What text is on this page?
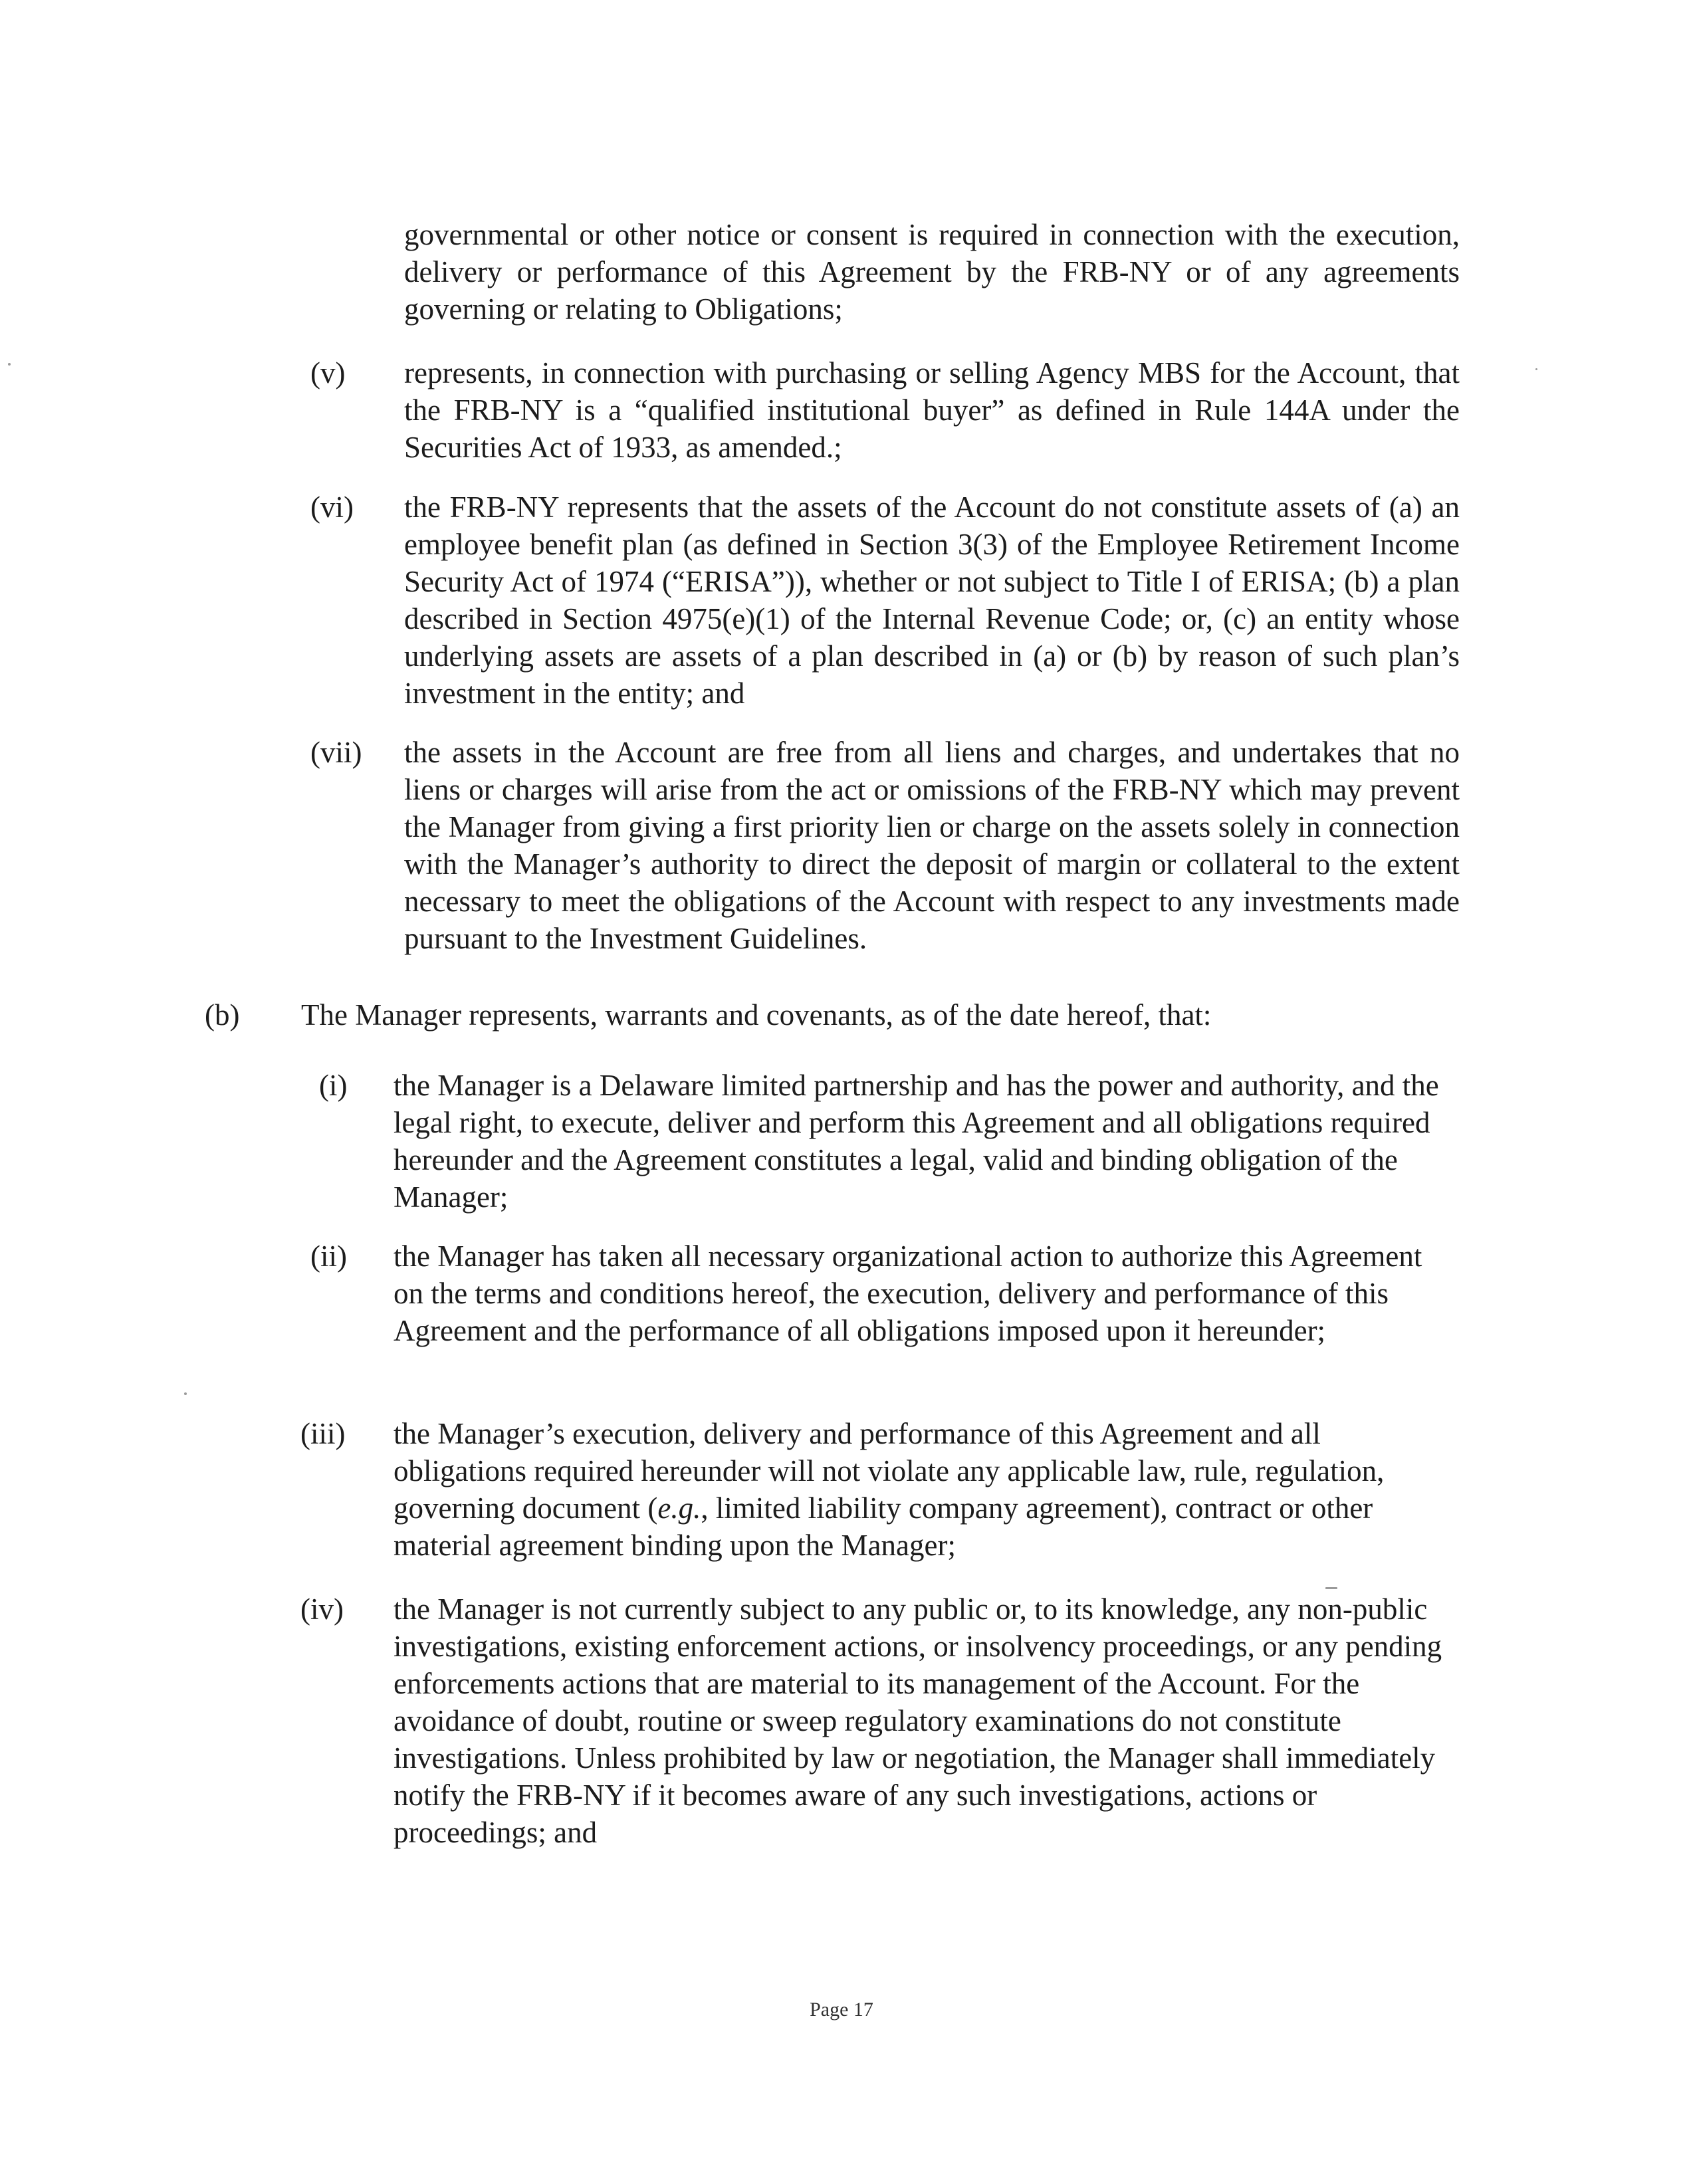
governmental or other notice or consent is required in connection with the execution, delivery or performance of this Agreement by the FRB-NY or of any agreements governing or relating to Obligations;

(v) represents, in connection with purchasing or selling Agency MBS for the Account, that the FRB-NY is a “qualified institutional buyer” as defined in Rule 144A under the Securities Act of 1933, as amended.;

(vi) the FRB-NY represents that the assets of the Account do not constitute assets of (a) an employee benefit plan (as defined in Section 3(3) of the Employee Retirement Income Security Act of 1974 (“ERISA”)), whether or not subject to Title I of ERISA; (b) a plan described in Section 4975(e)(1) of the Internal Revenue Code; or, (c) an entity whose underlying assets are assets of a plan described in (a) or (b) by reason of such plan’s investment in the entity; and

(vii) the assets in the Account are free from all liens and charges, and undertakes that no liens or charges will arise from the act or omissions of the FRB-NY which may prevent the Manager from giving a first priority lien or charge on the assets solely in connection with the Manager’s authority to direct the deposit of margin or collateral to the extent necessary to meet the obligations of the Account with respect to any investments made pursuant to the Investment Guidelines.

(b) The Manager represents, warrants and covenants, as of the date hereof, that:

(i) the Manager is a Delaware limited partnership and has the power and authority, and the legal right, to execute, deliver and perform this Agreement and all obligations required hereunder and the Agreement constitutes a legal, valid and binding obligation of the Manager;

(ii) the Manager has taken all necessary organizational action to authorize this Agreement on the terms and conditions hereof, the execution, delivery and performance of this Agreement and the performance of all obligations imposed upon it hereunder;

(iii) the Manager’s execution, delivery and performance of this Agreement and all obligations required hereunder will not violate any applicable law, rule, regulation, governing document (e.g., limited liability company agreement), contract or other material agreement binding upon the Manager;

(iv) the Manager is not currently subject to any public or, to its knowledge, any non-public investigations, existing enforcement actions, or insolvency proceedings, or any pending enforcements actions that are material to its management of the Account. For the avoidance of doubt, routine or sweep regulatory examinations do not constitute investigations. Unless prohibited by law or negotiation, the Manager shall immediately notify the FRB-NY if it becomes aware of any such investigations, actions or proceedings; and

Page 17
